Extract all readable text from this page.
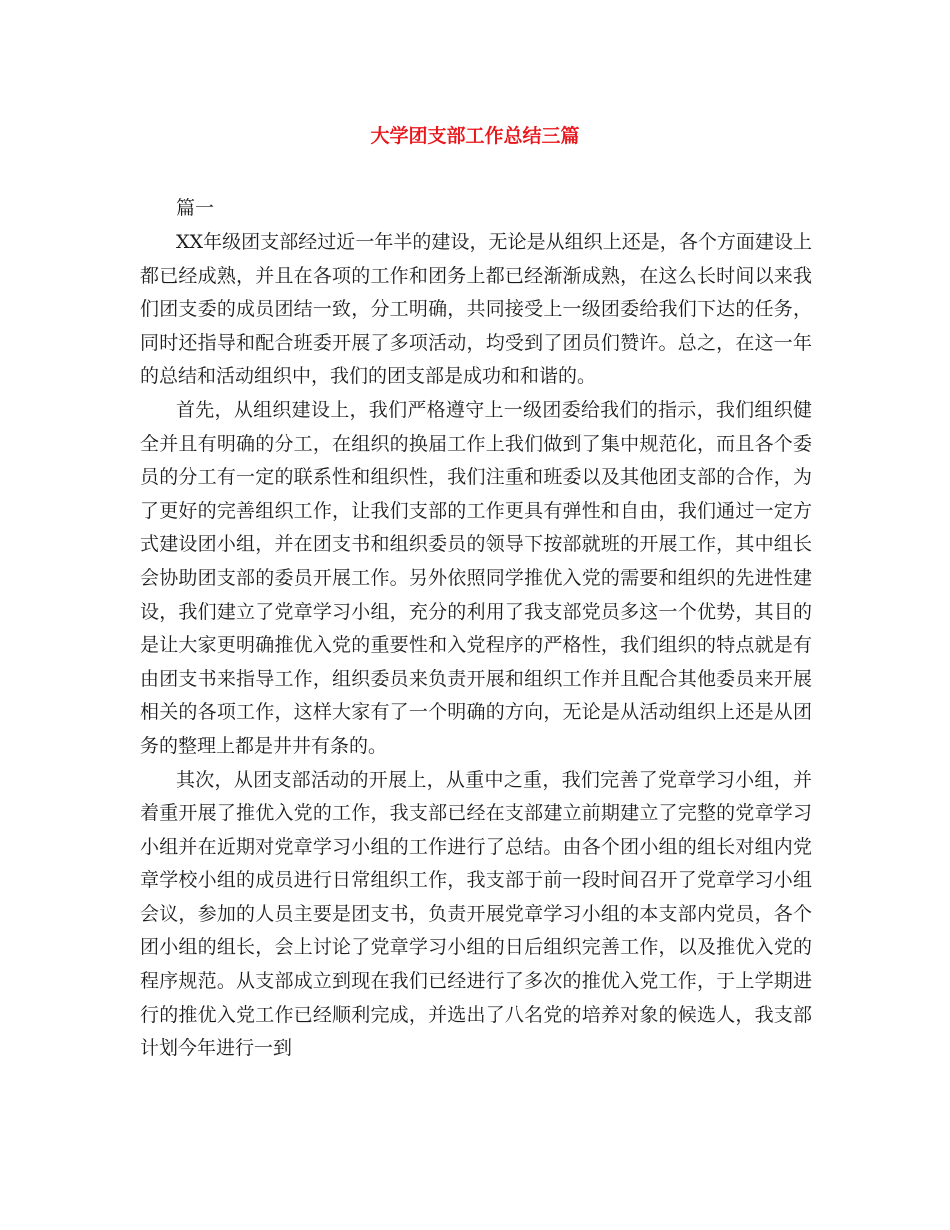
大学团支部工作总结三篇

篇一

XX年级团支部经过近一年半的建设，无论是从组织上还是，各个方面建设上都已经成熟，并且在各项的工作和团务上都已经渐渐成熟，在这么长时间以来我们团支委的成员团结一致，分工明确，共同接受上一级团委给我们下达的任务，同时还指导和配合班委开展了多项活动，均受到了团员们赞许。总之，在这一年的总结和活动组织中，我们的团支部是成功和和谐的。

首先，从组织建设上，我们严格遵守上一级团委给我们的指示，我们组织健全并且有明确的分工，在组织的换届工作上我们做到了集中规范化，而且各个委员的分工有一定的联系性和组织性，我们注重和班委以及其他团支部的合作，为了更好的完善组织工作，让我们支部的工作更具有弹性和自由，我们通过一定方式建设团小组，并在团支书和组织委员的领导下按部就班的开展工作，其中组长会协助团支部的委员开展工作。另外依照同学推优入党的需要和组织的先进性建设，我们建立了党章学习小组，充分的利用了我支部党员多这一个优势，其目的是让大家更明确推优入党的重要性和入党程序的严格性，我们组织的特点就是有由团支书来指导工作，组织委员来负责开展和组织工作并且配合其他委员来开展相关的各项工作，这样大家有了一个明确的方向，无论是从活动组织上还是从团务的整理上都是井井有条的。

其次，从团支部活动的开展上，从重中之重，我们完善了党章学习小组，并着重开展了推优入党的工作，我支部已经在支部建立前期建立了完整的党章学习小组并在近期对党章学习小组的工作进行了总结。由各个团小组的组长对组内党章学校小组的成员进行日常组织工作，我支部于前一段时间召开了党章学习小组会议，参加的人员主要是团支书，负责开展党章学习小组的本支部内党员，各个团小组的组长，会上讨论了党章学习小组的日后组织完善工作，以及推优入党的程序规范。从支部成立到现在我们已经进行了多次的推优入党工作，于上学期进行的推优入党工作已经顺利完成，并选出了八名党的培养对象的候选人，我支部计划今年进行一到
